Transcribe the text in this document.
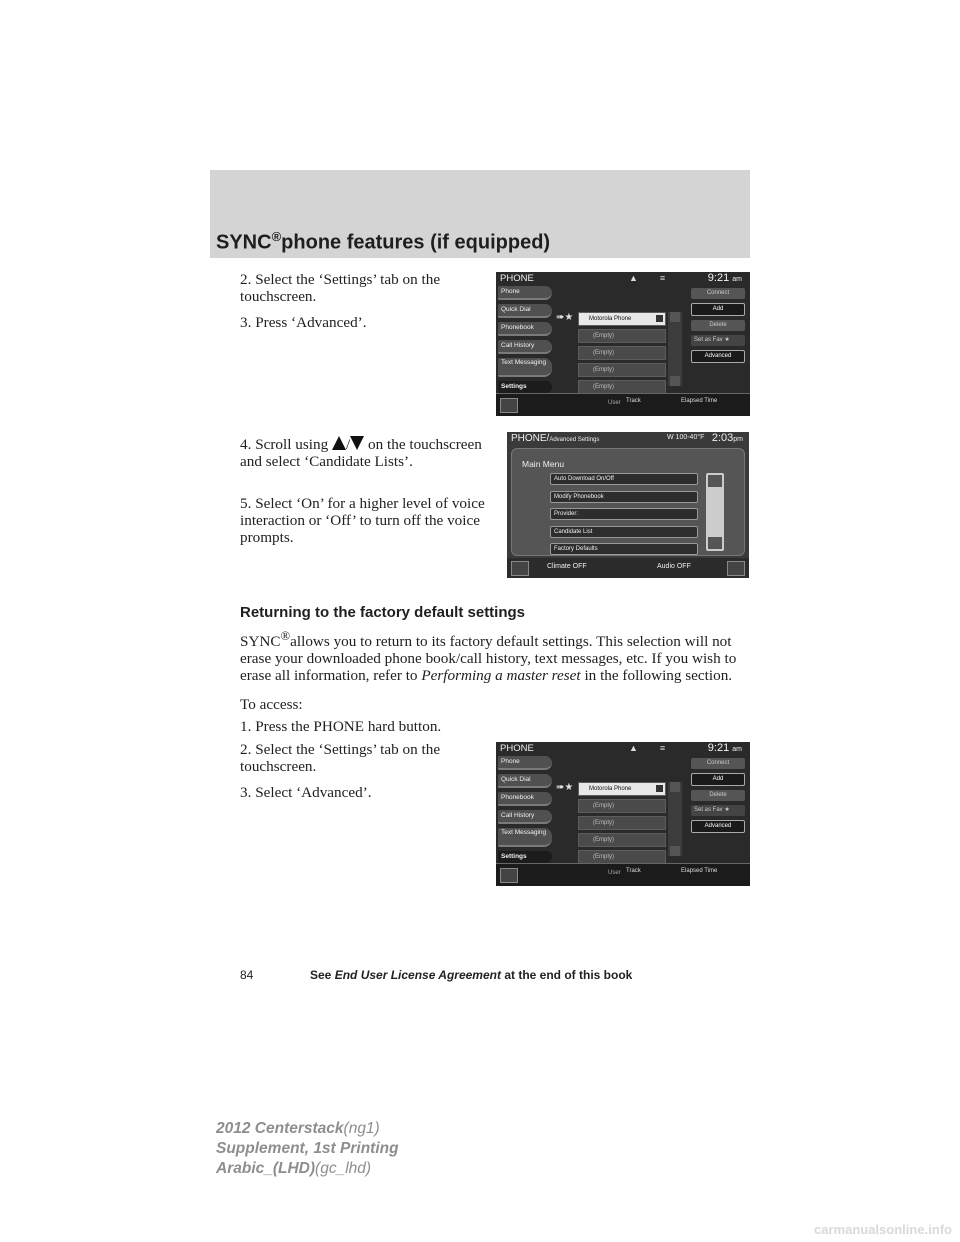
SYNC®phone features (if equipped)
2. Select the ‘Settings’ tab on the touchscreen.
3. Press ‘Advanced’.
4. Scroll using / on the touchscreen and select ‘Candidate Lists’.
5. Select ‘On’ for a higher level of voice interaction or ‘Off’ to turn off the voice prompts.
PHONE	▲ ≡	9:21 am
Phone
Quick Dial
Phonebook
Call History
Text Messaging
Settings
➠★	Motorola Phone
(Empty)
(Empty)
(Empty)
(Empty)
Connect
Add
Delete
Set as Fav ★
Advanced
User Track	Elapsed Time
PHONE/Advanced Settings	W 100-40°F 2:03pm
Main Menu
Auto Download On/Off
Modify Phonebook
Provider:
Candidate List
Factory Defaults
Climate OFF	Audio OFF
Returning to the factory default settings
SYNC®allows you to return to its factory default settings. This selection will not erase your downloaded phone book/call history, text messages, etc. If you wish to erase all information, refer to Performing a master reset in the following section.
To access:
1. Press the PHONE hard button.
2. Select the ‘Settings’ tab on the touchscreen.
3. Select ‘Advanced’.
PHONE	▲ ≡	9:21 am
Phone
Quick Dial
Phonebook
Call History
Text Messaging
Settings
➠★	Motorola Phone
(Empty)
(Empty)
(Empty)
(Empty)
Connect
Add
Delete
Set as Fav ★
Advanced
User Track	Elapsed Time
84	See End User License Agreement at the end of this book
2012 Centerstack(ng1)
Supplement, 1st Printing
Arabic_(LHD)(gc_lhd)
carmanualsonline.info
